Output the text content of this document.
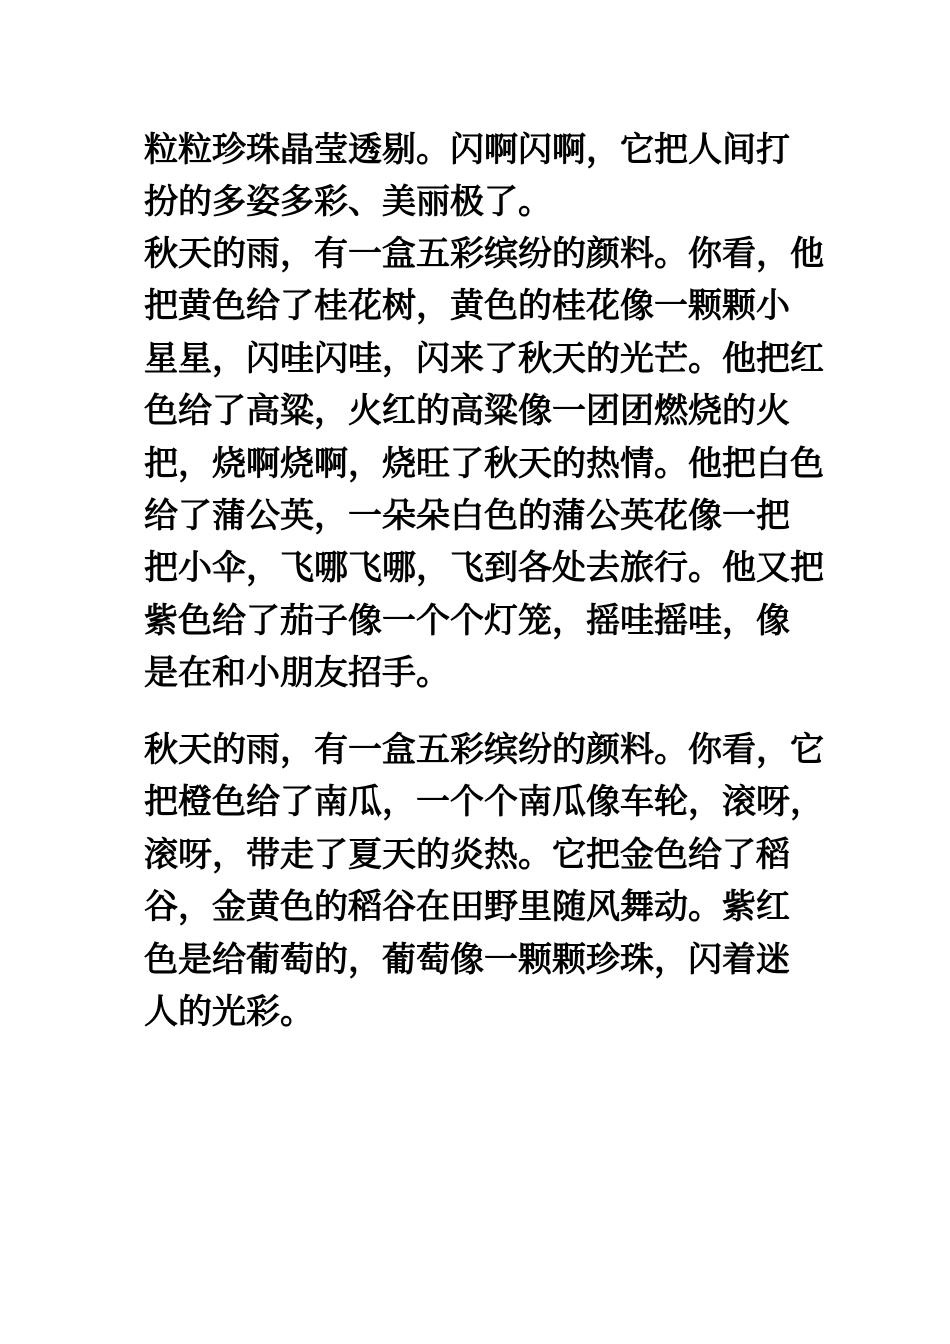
粒粒珍珠晶莹透剔。闪啊闪啊，它把人间打
扮的多姿多彩、美丽极了。
秋天的雨，有一盒五彩缤纷的颜料。你看，他
把黄色给了桂花树，黄色的桂花像一颗颗小
星星，闪哇闪哇，闪来了秋天的光芒。他把红
色给了高粱，火红的高粱像一团团燃烧的火
把，烧啊烧啊，烧旺了秋天的热情。他把白色
给了蒲公英，一朵朵白色的蒲公英花像一把
把小伞，飞哪飞哪，飞到各处去旅行。他又把
紫色给了茄子像一个个灯笼，摇哇摇哇，像
是在和小朋友招手。
秋天的雨，有一盒五彩缤纷的颜料。你看，它
把橙色给了南瓜，一个个南瓜像车轮，滚呀，
滚呀，带走了夏天的炎热。它把金色给了稻
谷，金黄色的稻谷在田野里随风舞动。紫红
色是给葡萄的，葡萄像一颗颗珍珠，闪着迷
人的光彩。
